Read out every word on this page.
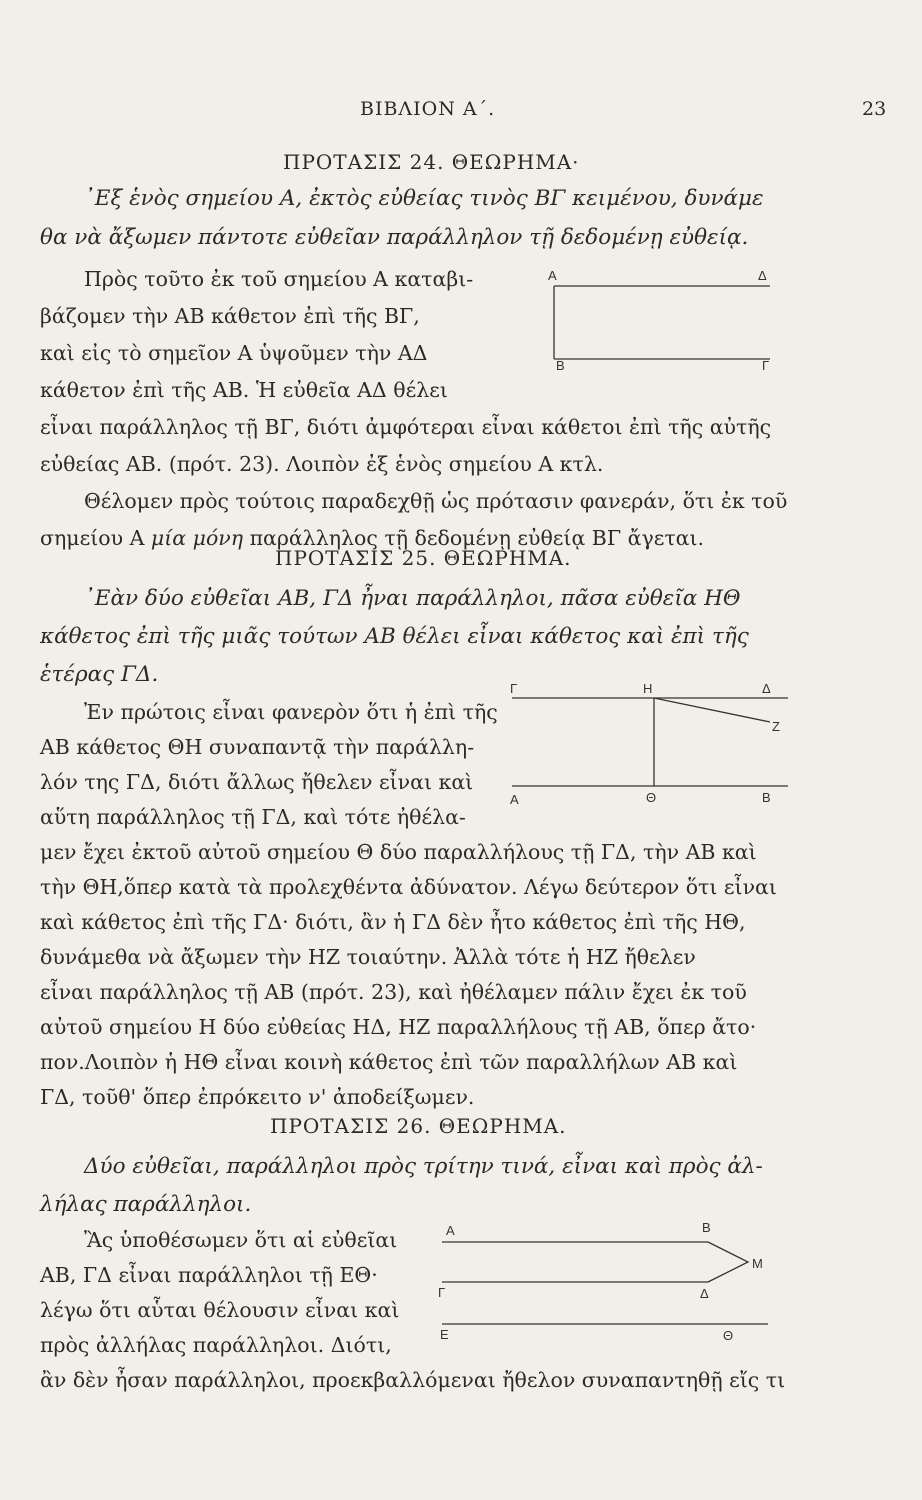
ΒΙΒΛΙΟΝ Α΄.	23
ΠΡΟΤΑΣΙΣ 24. ΘΕΩΡΗΜΑ·
᾿Εξ ἑνὸς σημείου Α, ἐκτὸς εὐθείας τινὸς ΒΓ κειμένου, δυνάμε
θα νὰ ἄξωμεν πάντοτε εὐθεῖαν παράλληλον τῇ δεδομένῃ εὐθείᾳ.
Πρὸς τοῦτο ἐκ τοῦ σημείου Α καταβι-
βάζομεν τὴν ΑΒ κάθετον ἐπὶ τῆς ΒΓ,
καὶ εἰς τὸ σημεῖον Α ὑψοῦμεν τὴν ΑΔ
κάθετον ἐπὶ τῆς ΑΒ. Ἡ εὐθεῖα ΑΔ θέλει
εἶναι παράλληλος τῇ ΒΓ, διότι ἀμφότεραι εἶναι κάθετοι ἐπὶ τῆς αὐτῆς
εὐθείας ΑΒ. (πρότ. 23). Λοιπὸν ἐξ ἑνὸς σημείου Α κτλ.
Θέλομεν πρὸς τούτοις παραδεχθῇ ὡς πρότασιν φανεράν, ὅτι ἐκ τοῦ
σημείου Α μία μόνη παράλληλος τῇ δεδομένῃ εὐθείᾳ ΒΓ ἄγεται.
Α	Δ
Β	Γ
ΠΡΟΤΑΣΙΣ 25. ΘΕΩΡΗΜΑ.
᾿Εὰν δύο εὐθεῖαι ΑΒ, ΓΔ ἦναι παράλληλοι, πᾶσα εὐθεῖα ΗΘ
κάθετος ἐπὶ τῆς μιᾶς τούτων ΑΒ θέλει εἶναι κάθετος καὶ ἐπὶ τῆς
ἑτέρας ΓΔ.
Ἐν πρώτοις εἶναι φανερὸν ὅτι ἡ ἐπὶ τῆς
ΑΒ κάθετος ΘΗ συναπαντᾷ τὴν παράλλη-
λόν της ΓΔ, διότι ἄλλως ἤθελεν εἶναι καὶ
αὕτη παράλληλος τῇ ΓΔ, καὶ τότε ἠθέλα-
μεν ἔχει ἐκτοῦ αὐτοῦ σημείου Θ δύο παραλλήλους τῇ ΓΔ, τὴν ΑΒ καὶ
τὴν ΘΗ,ὅπερ κατὰ τὰ προλεχθέντα ἀδύνατον. Λέγω δεύτερον ὅτι εἶναι
καὶ κάθετος ἐπὶ τῆς ΓΔ· διότι, ἂν ἡ ΓΔ δὲν ἦτο κάθετος ἐπὶ τῆς ΗΘ,
δυνάμεθα νὰ ἄξωμεν τὴν ΗΖ τοιαύτην. Ἀλλὰ τότε ἡ ΗΖ ἤθελεν
εἶναι παράλληλος τῇ ΑΒ (πρότ. 23), καὶ ἠθέλαμεν πάλιν ἔχει ἐκ τοῦ
αὐτοῦ σημείου Η δύο εὐθείας ΗΔ, ΗΖ παραλλήλους τῇ ΑΒ, ὅπερ ἄτο·
πον.Λοιπὸν ἡ ΗΘ εἶναι κοινὴ κάθετος ἐπὶ τῶν παραλλήλων ΑΒ καὶ
ΓΔ, τοῦθ' ὅπερ ἐπρόκειτο ν' ἀποδείξωμεν.
Γ	Η	Δ
Ζ
Α	Θ	Β
ΠΡΟΤΑΣΙΣ 26. ΘΕΩΡΗΜΑ.
Δύο εὐθεῖαι, παράλληλοι πρὸς τρίτην τινά, εἶναι καὶ πρὸς ἀλ-
λήλας παράλληλοι.
Ἂς ὑποθέσωμεν ὅτι αἱ εὐθεῖαι
ΑΒ, ΓΔ εἶναι παράλληλοι τῇ ΕΘ·
λέγω ὅτι αὗται θέλουσιν εἶναι καὶ
πρὸς ἀλλήλας παράλληλοι. Διότι,
ἂν δὲν ἦσαν παράλληλοι, προεκβαλλόμεναι ἤθελον συναπαντηθῇ εἴς τι
Α	Β
Μ
Γ	Δ
Ε	Θ
